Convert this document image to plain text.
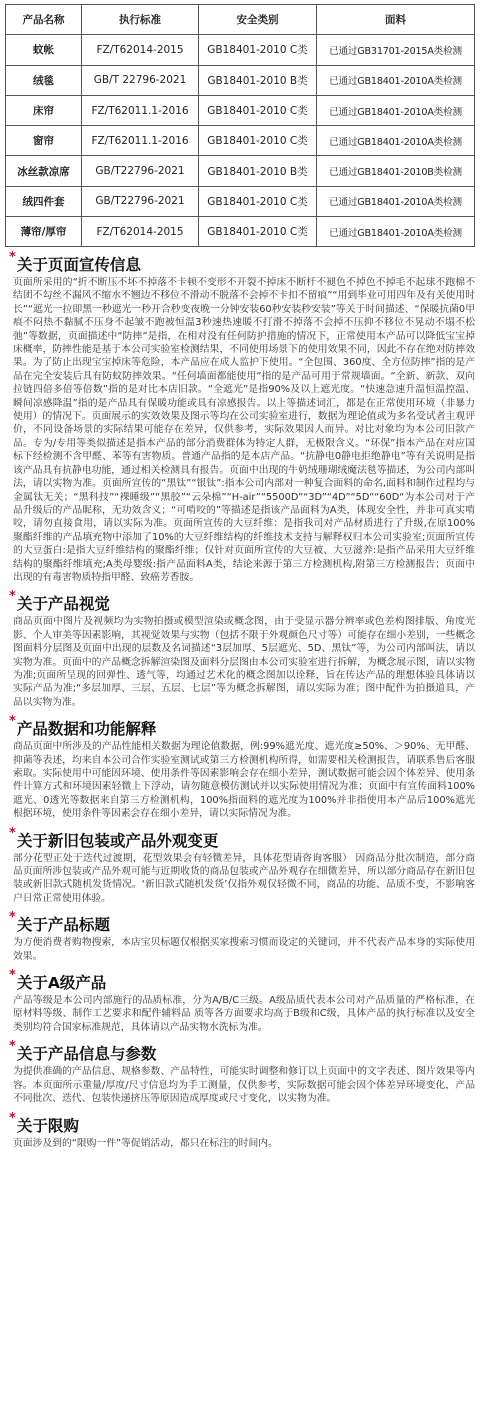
产品名称	执行标准	安全类别	面料
蚊帐	FZ/T62014-2015	GB18401-2010 C类	已通过GB31701-2015A类检测
绒毯	GB/T 22796-2021	GB18401-2010 B类	已通过GB18401-2010A类检测
床帘	FZ/T62011.1-2016	GB18401-2010 C类	已通过GB18401-2010A类检测
窗帘	FZ/T62011.1-2016	GB18401-2010 C类	已通过GB18401-2010A类检测
冰丝款凉席	GB/T22796-2021	GB18401-2010 B类	已通过GB18401-2010B类检测
绒四件套	GB/T22796-2021	GB18401-2010 C类	已通过GB18401-2010A类检测
薄帘/厚帘	FZ/T62014-2015	GB18401-2010 C类	已通过GB18401-2010A类检测
* 关于页面宣传信息
页面所采用的“折不断压不坏不掉落不卡顿不变形不开裂不掉床不断杆不褪色不掉色不掉毛不起球不跑棉不结团不勾丝不漏风不缩水不翘边不移位不滑动不脱落不会掉不卡扣不留痕”“用到毕业可用四年及有关使用时长”“遮光一拉即黑一秒遮光一秒开合秒变夜晚一分钟安装60秒安装秒安装”等关于时间描述、“保暖抗菌0甲痕不闷热不黏腻不压身不起皱不跑被恒温3秒速热速暖不打滑不掉落不会掉不压抑不移位不晃动不塌不松弛”等数据，页面描述中“防摔”是指，在相对没有任何防护措施的情况下，正常使用本产品可以降低宝宝掉床概率，防摔性能是基于本公司实验室检测结果，不同使用场景下的使用效果不同，因此不存在绝对防摔效果。为了防止出现宝宝掉床等危险，本产品应在成人监护下使用。“全包围、360度、全方位防摔”指的是产品在完全安装后具有防蚊防摔效果。“任何墙面都能使用”指的是产品可用于常规墙面。“全新、新款、双向拉链四倍多倍等倍数”指的是对比本店旧款。“全遮光”是指90%及以上遮光度。“快速急速升温恒温控温、瞬间凉感降温”指的是产品具有保暖功能或具有凉感报告。以上等描述词汇，都是在正常使用环境（非暴力使用）的情况下。页面展示的实效效果及图示等均在公司实验室进行，数据为理论值或为多名受试者主观评价，不同设备场景的实际结果可能存在差异，仅供参考，实际效果因人而异。对比对象均为本公司旧款产品。专为/专用等类似描述是指本产品的部分消费群体为特定人群，无极限含义。“环保”指本产品在对应国标下经检测不含甲醛、苯等有害物质。普通产品指的是本店产品。“抗静电0静电拒绝静电”等有关说明是指该产品具有抗静电功能，通过相关检测具有报告。页面中出现的牛奶绒珊瑚绒魔法毯等描述，为公司内部叫法，请以实物为准。页面所宣传的“黑钛”“银钛”:指本公司内部对一种复合面料的命名,面料和制作过程均与金属钛无关；“黑科技”“裸睡级”“黑胶”“云朵棉”“H-air”“5500D”“3D”“4D”“5D”“60D“为本公司对于产品升级后的产品昵称，无功效含义；“可啃咬的”等描述是指该产品面料为A类，体现安全性，并非可真实啃咬，请勿直接食用，请以实际为准。页面所宣传的大豆纤维：是指我司对产品材质进行了升级,在原100%聚酯纤维的产品填充物中添加了10%的大豆纤维结构的纤维技术支持与解释权归本公司实验室;页面所宣传的大豆蛋白:是指大豆纤维结构的聚酯纤维；仅针对页面所宣传的大豆被、大豆滋养:是指产品采用大豆纤维结构的聚酯纤维填充;A类母婴级:指产品面料A类，结论来源于第三方检测机构,附第三方检测报告；页面中出现的有毒害物质特指甲醛、致癌芳香胺。
* 关于产品视觉
商品页面中图片及视频均为实物拍摄或模型渲染或概念图，由于受显示器分辨率或色差构图排版、角度光影、个人审美等因素影响，其视觉效果与实物（包括不限于外观颜色尺寸等）可能存在细小差别，一些概念图面料分层图及页面中出现的层数及名词描述“3层加厚、5层遮光、5D、黑钛”等，为公司内部叫法，请以实物为准。页面中的产品概念拆解渲染图及面料分层图由本公司实验室进行拆解，为概念展示图，请以实物为准;页面所呈现的回弹性、透气等，均通过艺术化的概念图加以诠释，旨在传达产品的理想体验具体请以实际产品为准;“多层加厚、三层、五层、七层”等为概念拆解图，请以实际为准；图中配件为拍摄道具，产品以实物为准。
* 产品数据和功能解释
商品页面中所涉及的产品性能相关数据为理论值数据，例:99%遮光度、遮光度≥50%、＞90%、无甲醛、抑菌等表述，均来自本公司合作实验室测试或第三方检测机构所得，如需要相关检测报告，请联系售后客服索取。实际使用中可能因环境、使用条件等因素影响会存在细小差异，测试数据可能会因个体差异、使用条件计算方式和环境因素轻微上下浮动，请勿随意模仿测试并以实际使用情况为准；页面中有宣传面料100%遮光、0透光等数据来自第三方检测机构，100%指面料的遮光度为100%并非指使用本产品后100%遮光根据环境，使用条件等因素会存在细小差异，请以实际情况为准。
* 关于新旧包装或产品外观变更
部分花型正处于迭代过渡期，花型效果会有轻微差异，具体花型请咨询客服） 因商品分批次制造，部分商品页面所涉包装或产品外观可能与近期收货的商品包装或产品外观存在细微差异，所以部分商品存在新旧包装或新旧款式随机发货情况。‘新旧款式随机发货’仅指外观仅轻微不同，商品的功能、品质不变，不影响客户日常正常使用体验。
* 关于产品标题
为方便消费者购物搜索，本店宝贝标题仅根据买家搜索习惯而设定的关键词，并不代表产品本身的实际使用效果。
* 关于A级产品
产品等级是本公司内部施行的品质标准，分为A/B/C三级。A级品质代表本公司对产品质量的严格标准，在原材料等级、制作工艺要求和配件辅料品 质等各方面要求均高于B级和C级，具体产品的执行标准以及安全类别均符合国家标准规范，具体请以产品实物水洗标为准。
* 关于产品信息与参数
为提供准确的产品信息、规格参数、产品特性，可能实时调整和修订以上页面中的文字表述、图片效果等内容。本页面所示重量/厚度/尺寸信息均为手工测量，仅供参考，实际数据可能会因个体差异环境变化，产品不同批次、迭代、包装快递挤压等原因造成厚度或尺寸变化，以实物为准。
* 关于限购
页面涉及到的“限购一件”等促销活动，都只在标注的时间内。
